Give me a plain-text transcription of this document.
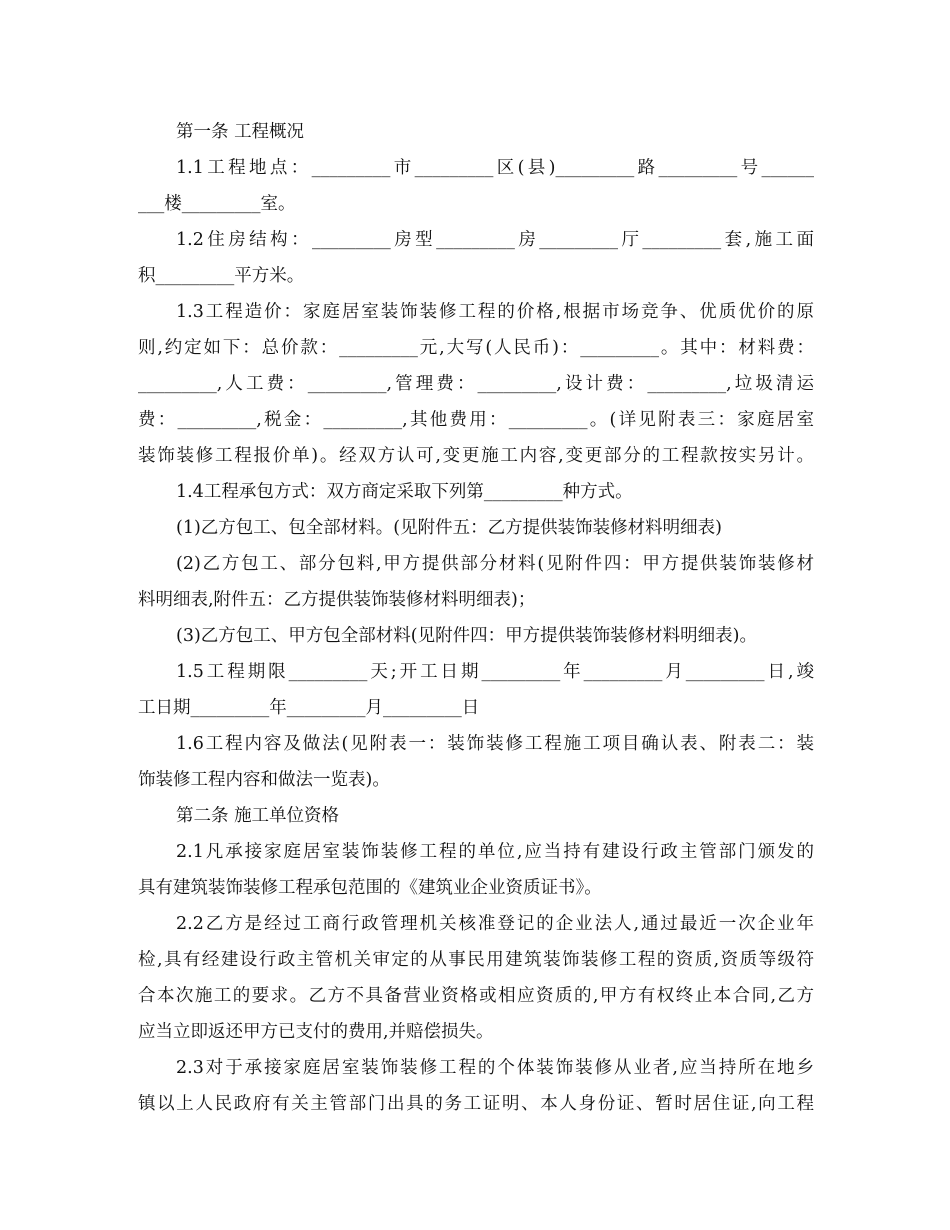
第一条 工程概况
1.1工程地点：_________市_________区(县)_________路_________号______
___楼_________室。
1.2住房结构：_________房型_________房_________厅_________套,施工面
积_________平方米。
1.3工程造价：家庭居室装饰装修工程的价格,根据市场竞争、优质优价的原
则,约定如下：总价款：_________元,大写(人民币)：_________。其中：材料费：
_________,人工费：_________,管理费：_________,设计费：_________,垃圾清运
费：_________,税金：_________,其他费用：_________。(详见附表三：家庭居室
装饰装修工程报价单)。经双方认可,变更施工内容,变更部分的工程款按实另计。
1.4工程承包方式：双方商定采取下列第_________种方式。
(1)乙方包工、包全部材料。(见附件五：乙方提供装饰装修材料明细表)
(2)乙方包工、部分包料,甲方提供部分材料(见附件四：甲方提供装饰装修材
料明细表,附件五：乙方提供装饰装修材料明细表)；
(3)乙方包工、甲方包全部材料(见附件四：甲方提供装饰装修材料明细表)。
1.5工程期限_________天;开工日期_________年_________月_________日,竣
工日期_________年_________月_________日
1.6工程内容及做法(见附表一：装饰装修工程施工项目确认表、附表二：装
饰装修工程内容和做法一览表)。
第二条 施工单位资格
2.1凡承接家庭居室装饰装修工程的单位,应当持有建设行政主管部门颁发的
具有建筑装饰装修工程承包范围的《建筑业企业资质证书》。
2.2乙方是经过工商行政管理机关核准登记的企业法人,通过最近一次企业年
检,具有经建设行政主管机关审定的从事民用建筑装饰装修工程的资质,资质等级符
合本次施工的要求。乙方不具备营业资格或相应资质的,甲方有权终止本合同,乙方
应当立即返还甲方已支付的费用,并赔偿损失。
2.3对于承接家庭居室装饰装修工程的个体装饰装修从业者,应当持所在地乡
镇以上人民政府有关主管部门出具的务工证明、本人身份证、暂时居住证,向工程
